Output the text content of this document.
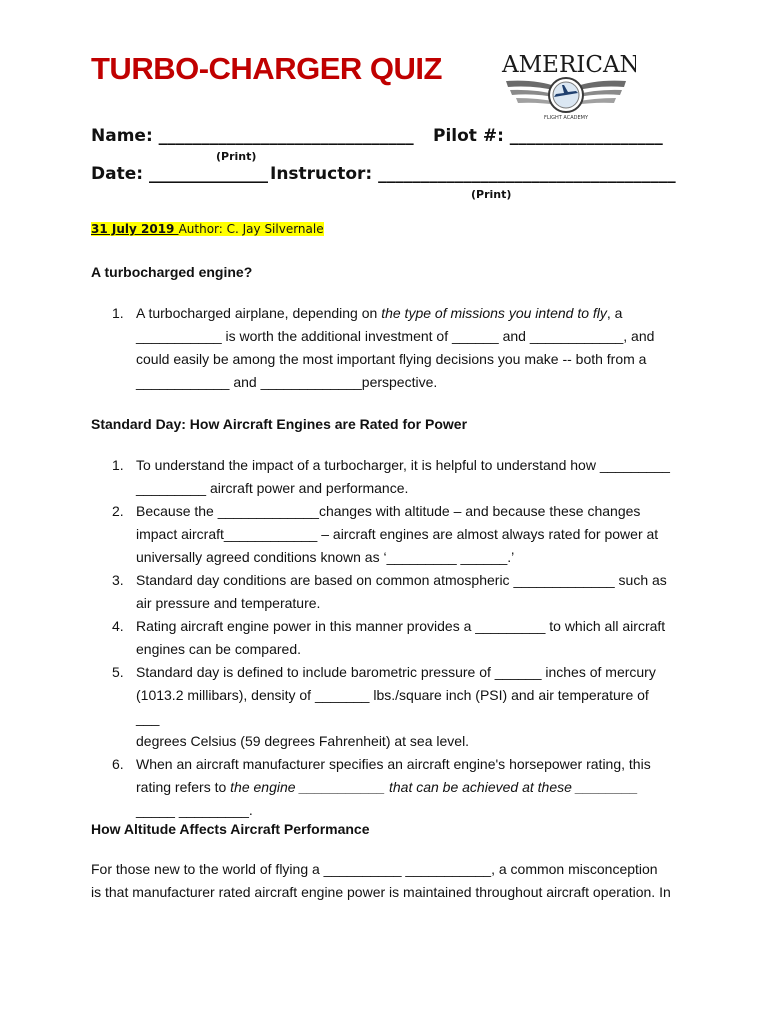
TURBO-CHARGER QUIZ	AMERICAN
FLIGHT ACADEMY
Name: ______________________________ Pilot #: __________________
(Print)
Date: ______________ Instructor: ___________________________________
(Print)
31 July 2019 Author: C. Jay Silvernale
A turbocharged engine?
1. A turbocharged airplane, depending on the type of missions you intend to fly, a
___________ is worth the additional investment of ______ and ____________, and
could easily be among the most important flying decisions you make -- both from a
____________ and _____________perspective.
Standard Day: How Aircraft Engines are Rated for Power
1. To understand the impact of a turbocharger, it is helpful to understand how _________
_________ aircraft power and performance.
2. Because the _____________changes with altitude – and because these changes
impact aircraft____________ – aircraft engines are almost always rated for power at
universally agreed conditions known as ‘_________ ______.’
3. Standard day conditions are based on common atmospheric _____________ such as
air pressure and temperature.
4. Rating aircraft engine power in this manner provides a _________ to which all aircraft
engines can be compared.
5. Standard day is defined to include barometric pressure of ______ inches of mercury
(1013.2 millibars), density of _______ lbs./square inch (PSI) and air temperature of ___
degrees Celsius (59 degrees Fahrenheit) at sea level.
6. When an aircraft manufacturer specifies an aircraft engine's horsepower rating, this
rating refers to the engine ___________ that can be achieved at these ________
_____ _________.
How Altitude Affects Aircraft Performance
For those new to the world of flying a __________ ___________, a common misconception
is that manufacturer rated aircraft engine power is maintained throughout aircraft operation. In
